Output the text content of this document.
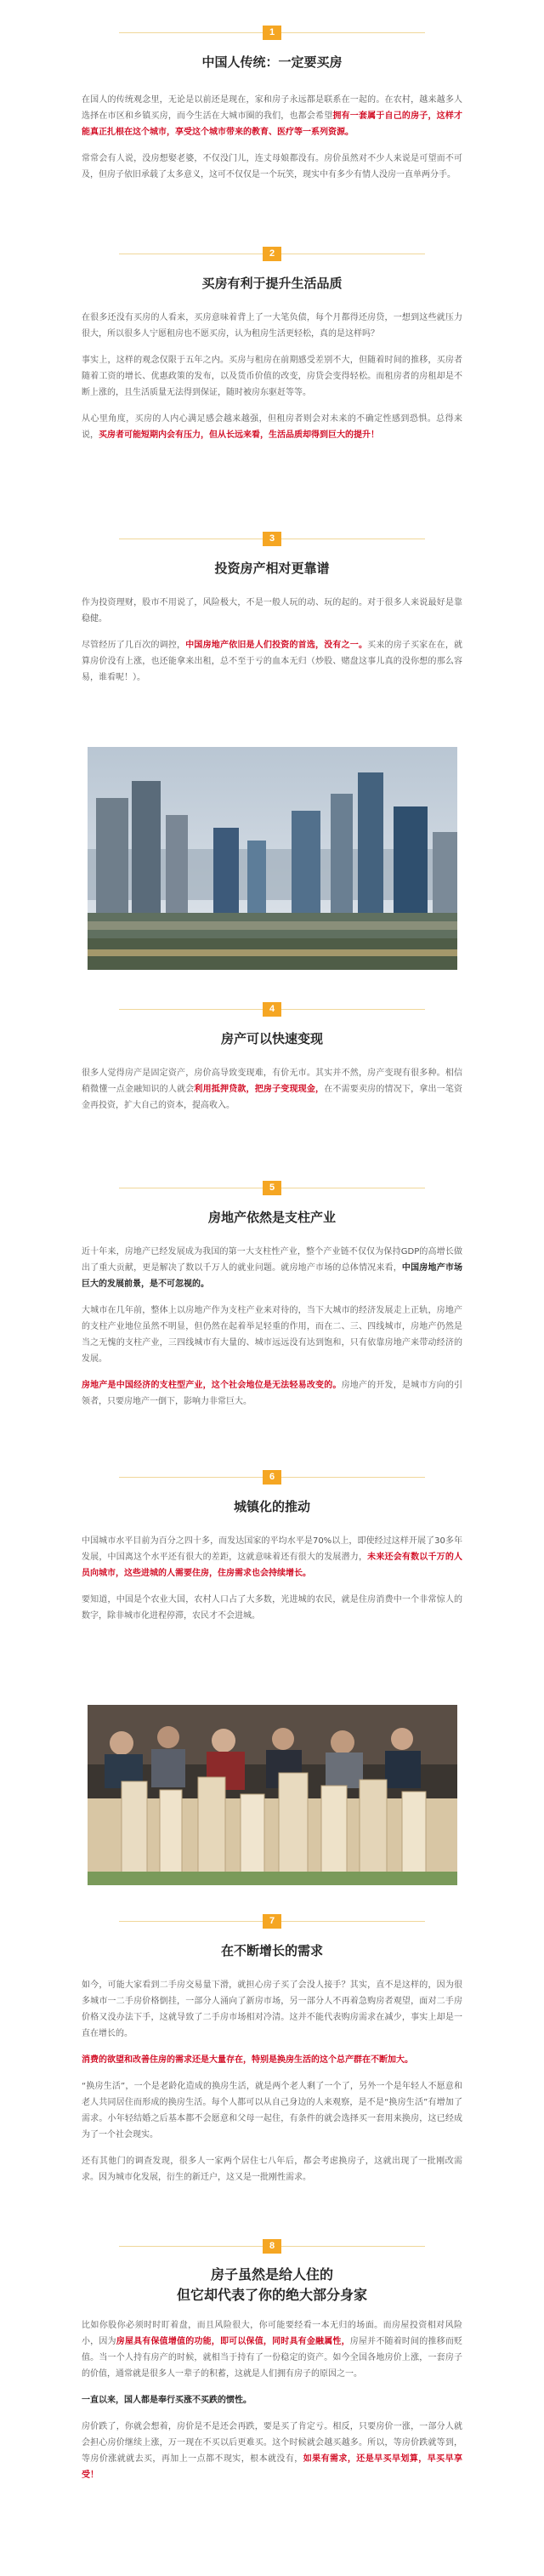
1
中国人传统：一定要买房

在国人的传统观念里，无论是以前还是现在，家和房子永远都是联系在一起的。在农村，越来越多人选择在市区和乡镇买房，而今生活在大城市圈的我们，也都会希望拥有一套属于自己的房子，这样才能真正扎根在这个城市，享受这个城市带来的教育、医疗等一系列资源。

常常会有人说，没房想娶老婆，不仅没门儿，连丈母娘都没有。房价虽然对不少人来说是可望而不可及，但房子依旧承载了太多意义，这可不仅仅是一个玩笑，现实中有多少有情人没房一直单两分手。

2
买房有利于提升生活品质

在很多还没有买房的人看来，买房意味着背上了一大笔负债，每个月都得还房贷，一想到这些就压力很大，所以很多人宁愿租房也不愿买房，认为租房生活更轻松，真的是这样吗？

事实上，这样的观念仅限于五年之内。买房与租房在前期感受差别不大，但随着时间的推移，买房者随着工资的增长、优惠政策的发布，以及货币价值的改变，房贷会变得轻松。而租房者的房租却是不断上涨的，且生活质量无法得到保证，随时被房东驱赶等等。

从心里角度，买房的人内心满足感会越来越强，但租房者则会对未来的不确定性感到恐惧。总得来说，买房者可能短期内会有压力，但从长远来看，生活品质却得到巨大的提升！

3
投资房产相对更靠谱

作为投资理财，股市不用说了，风险极大，不是一般人玩的动、玩的起的。对于很多人来说最好是靠稳健。

尽管经历了几百次的调控，中国房地产依旧是人们投资的首选，没有之一。买来的房子买家在在，就算房价没有上涨，也还能拿来出租，总不至于亏的血本无归（炒股、赌盘这事儿真的没你想的那么容易，谁看呢！）。

4
房产可以快速变现

很多人觉得房产是固定资产，房价高导致变现难，有价无市。其实并不然，房产变现有很多种。相信稍微懂一点金融知识的人就会利用抵押贷款，把房子变现现金，在不需要卖房的情况下，拿出一笔资金再投资，扩大自己的资本，提高收入。

5
房地产依然是支柱产业

近十年来，房地产已经发展成为我国的第一大支柱性产业，整个产业链不仅仅为保持GDP的高增长做出了重大贡献，更是解决了数以千万人的就业问题。就房地产市场的总体情况来看，中国房地产市场巨大的发展前景，是不可忽视的。

大城市在几年前，整体上以房地产作为支柱产业来对待的，当下大城市的经济发展走上正轨，房地产的支柱产业地位虽然不明显，但仍然在起着举足轻重的作用，而在二、三、四线城市，房地产仍然是当之无愧的支柱产业，三四线城市有大量的、城市远远没有达到饱和，只有依靠房地产来带动经济的发展。

房地产是中国经济的支柱型产业，这个社会地位是无法轻易改变的。房地产的开发，是城市方向的引领者，只要房地产一倒下，影响力非常巨大。

6
城镇化的推动

中国城市水平目前为百分之四十多，而发达国家的平均水平是70%以上，即使经过这样开展了30多年发展，中国离这个水平还有很大的差距，这就意味着还有很大的发展潜力，未来还会有数以千万的人员向城市，这些进城的人需要住房，住房需求也会持续增长。

要知道，中国是个农业大国，农村人口占了大多数，光进城的农民，就是住房消费中一个非常惊人的数字，除非城市化进程停滞，农民才不会进城。

7
在不断增长的需求

如今，可能大家看到二手房交易量下滑，就担心房子买了会没人接手？其实，直不是这样的，因为很多城市一二手房价格倒挂，一部分人涌向了新房市场，另一部分人不再着急购房者观望，面对二手房价格又没办法下手，这就导致了二手房市场相对冷清。这并不能代表购房需求在减少，事实上却是一直在增长的。

消费的欲望和改善住房的需求还是大量存在，特别是换房生活的这个总产群在不断加大。

“换房生活”，一个是老龄化造成的换房生活，就是两个老人剩了一个了，另外一个是年轻人不愿意和老人共同居住而形成的换房生活。每个人都可以从自己身边的人来观察，是不是“换房生活”有增加了需求。小年轻结婚之后基本都不会愿意和父母一起住，有条件的就会选择买一套用来换房，这已经成为了一个社会现实。

还有其他门的调查发现，很多人一家两个居住七八年后，都会考虑换房子，这就出现了一批刚改需求。因为城市化发展，衍生的新迁户，这又是一批刚性需求。

8
房子虽然是给人住的
但它却代表了你的绝大部分身家

比如你股你必须时时盯着盘，而且风险很大，你可能要经看一本无归的场面。而房屋投资相对风险小，因为房屋具有保值增值的功能，即可以保值，同时具有金融属性，房屋并不随着时间的推移而贬值。当一个人持有房产的时候，就相当于持有了一份稳定的资产。如今全国各地房价上涨，一套房子的价值，通常就是很多人一辈子的积蓄，这就是人们拥有房子的原因之一。

一直以来，国人都是奉行买涨不买跌的惯性。

房价跌了，你就会想着，房价是不是还会再跌，要是买了肯定亏。相反，只要房价一涨，一部分人就会担心房价继续上涨，万一现在不买以后更难买。这个时候就会越买越多。所以，等房价跌就等到，等房价涨就就去买，再加上一点都不现实，根本就没有，如果有需求，还是早买早划算，早买早享受！
